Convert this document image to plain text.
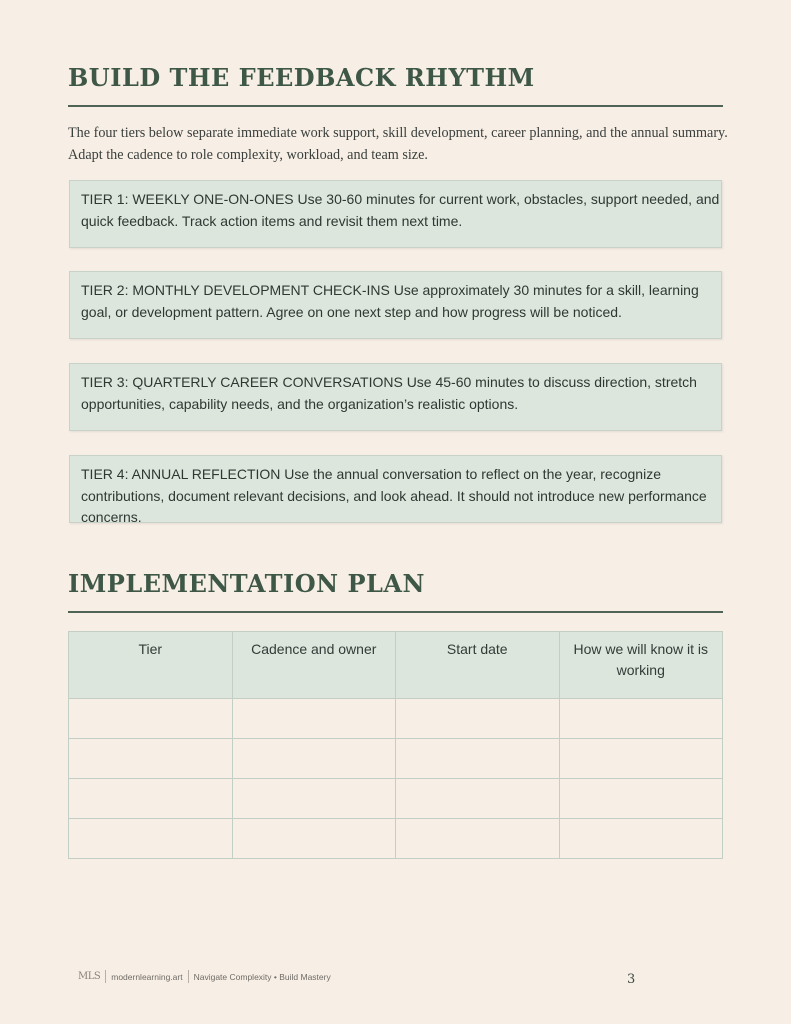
BUILD THE FEEDBACK RHYTHM

The four tiers below separate immediate work support, skill development, career planning, and the annual summary. Adapt the cadence to role complexity, workload, and team size.

TIER 1: WEEKLY ONE-ON-ONES Use 30-60 minutes for current work, obstacles, support needed, and quick feedback. Track action items and revisit them next time.

TIER 2: MONTHLY DEVELOPMENT CHECK-INS Use approximately 30 minutes for a skill, learning goal, or development pattern. Agree on one next step and how progress will be noticed.

TIER 3: QUARTERLY CAREER CONVERSATIONS Use 45-60 minutes to discuss direction, stretch opportunities, capability needs, and the organization’s realistic options.

TIER 4: ANNUAL REFLECTION Use the annual conversation to reflect on the year, recognize contributions, document relevant decisions, and look ahead. It should not introduce new performance concerns.

IMPLEMENTATION PLAN
Tier	Cadence and owner	Start date	How we will know it is working

MLS modernlearning.art Navigate Complexity • Build Mastery	3
